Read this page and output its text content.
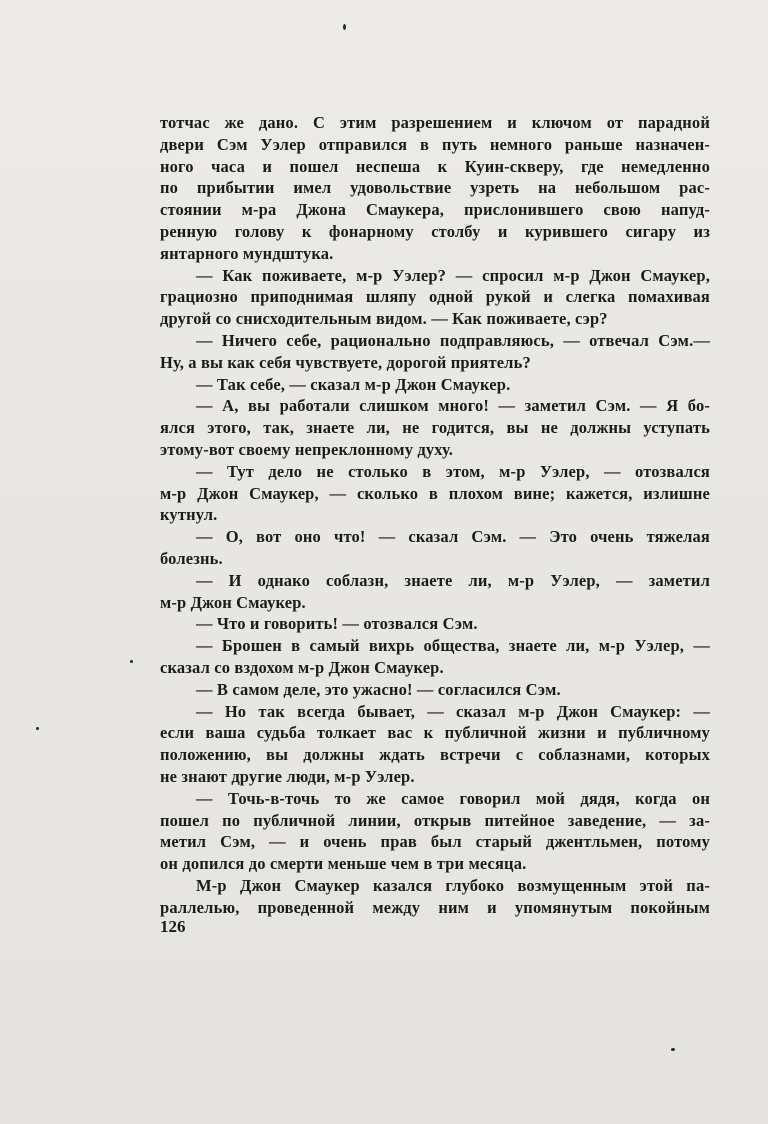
тотчас же дано. С этим разрешением и ключом от парадной
двери Сэм Уэлер отправился в путь немного раньше назначен-
ного часа и пошел неспеша к Куин-скверу, где немедленно
по прибытии имел удовольствие узреть на небольшом рас-
стоянии м-ра Джона Смаукера, прислонившего свою напуд-
ренную голову к фонарному столбу и курившего сигару из
янтарного мундштука.
— Как поживаете, м-р Уэлер? — спросил м-р Джон Смаукер,
грациозно приподнимая шляпу одной рукой и слегка помахивая
другой со снисходительным видом. — Как поживаете, сэр?
— Ничего себе, рационально подправляюсь, — отвечал Сэм.—
Ну, а вы как себя чувствуете, дорогой приятель?
— Так себе, — сказал м-р Джон Смаукер.
— А, вы работали слишком много! — заметил Сэм. — Я бо-
ялся этого, так, знаете ли, не годится, вы не должны уступать
этому-вот своему непреклонному духу.
— Тут дело не столько в этом, м-р Уэлер, — отозвался
м-р Джон Смаукер, — сколько в плохом вине; кажется, излишне
кутнул.
— О, вот оно что! — сказал Сэм. — Это очень тяжелая
болезнь.
— И однако соблазн, знаете ли, м-р Уэлер, — заметил
м-р Джон Смаукер.
— Что и говорить! — отозвался Сэм.
— Брошен в самый вихрь общества, знаете ли, м-р Уэлер, —
сказал со вздохом м-р Джон Смаукер.
— В самом деле, это ужасно! — согласился Сэм.
— Но так всегда бывает, — сказал м-р Джон Смаукер: —
если ваша судьба толкает вас к публичной жизни и публичному
положению, вы должны ждать встречи с соблазнами, которых
не знают другие люди, м-р Уэлер.
— Точь-в-точь то же самое говорил мой дядя, когда он
пошел по публичной линии, открыв питейное заведение, — за-
метил Сэм, — и очень прав был старый джентльмен, потому
он допился до смерти меньше чем в три месяца.
М-р Джон Смаукер казался глубоко возмущенным этой па-
раллелью, проведенной между ним и упомянутым покойным
126
